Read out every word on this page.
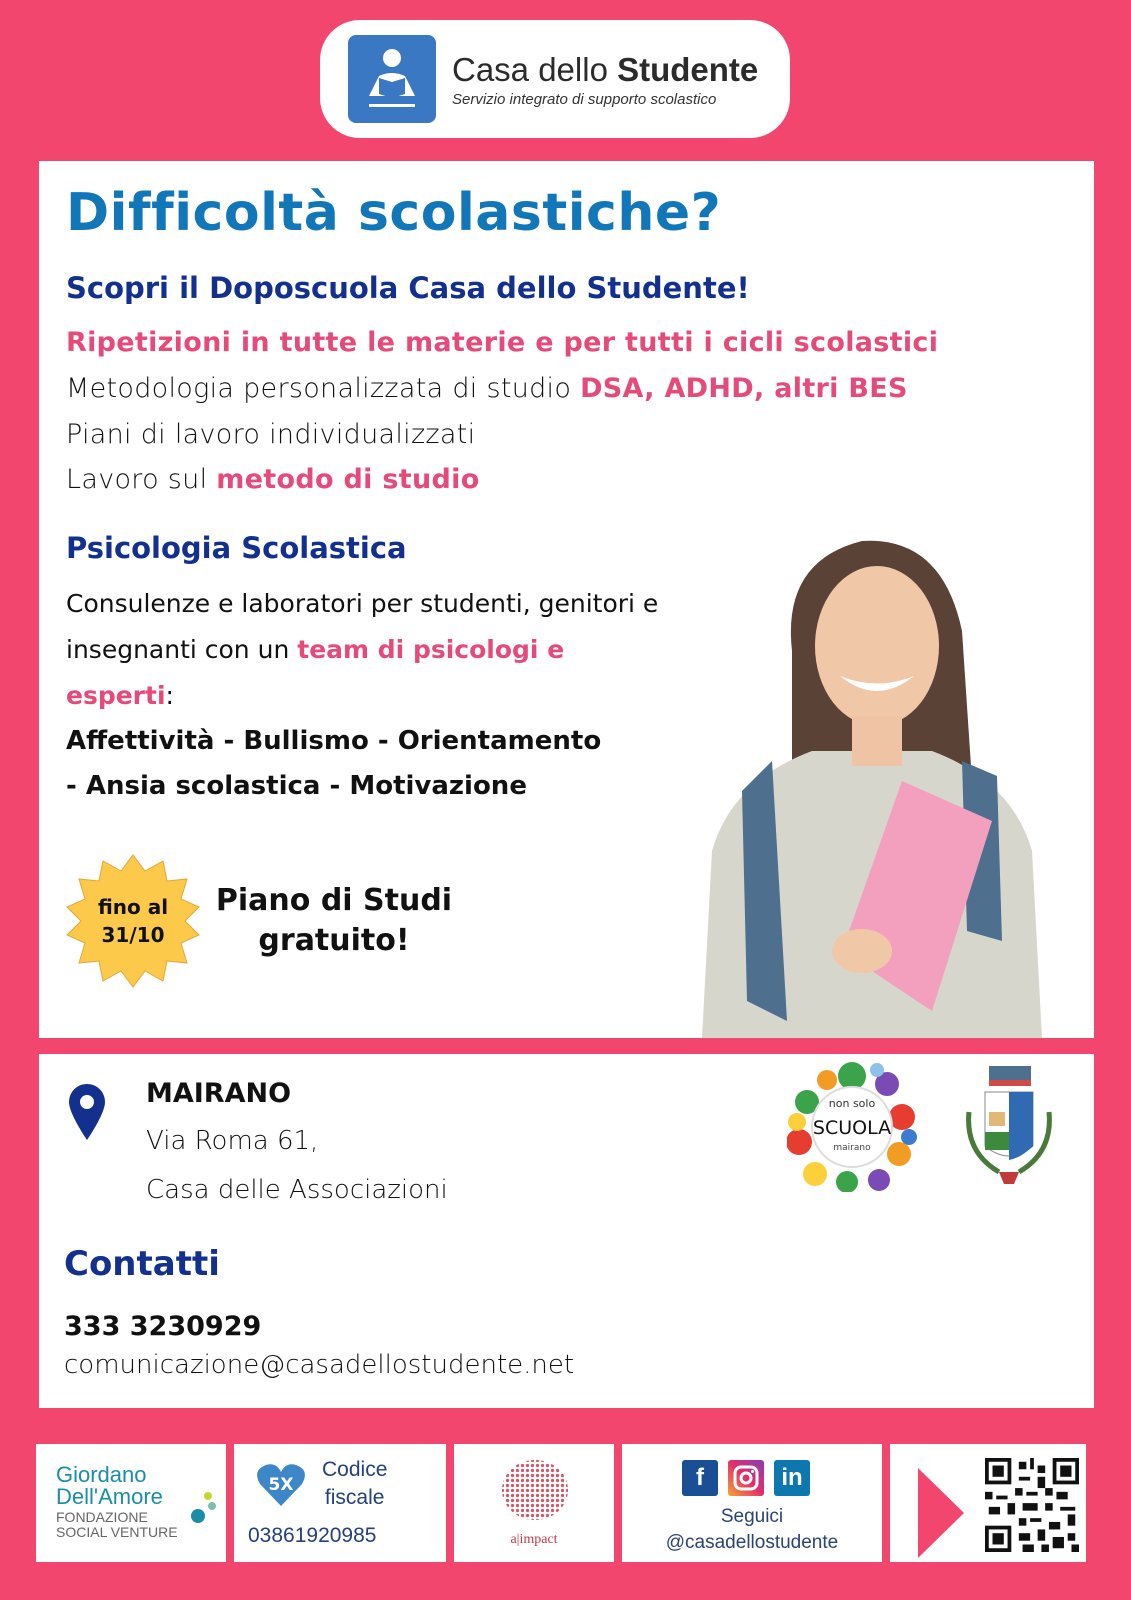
Casa dello Studente
Servizio integrato di supporto scolastico
Difficoltà scolastiche?
Scopri il Doposcuola Casa dello Studente!
Ripetizioni in tutte le materie e per tutti i cicli scolastici
Metodologia personalizzata di studio DSA, ADHD, altri BES
Piani di lavoro individualizzati
Lavoro sul metodo di studio
Psicologia Scolastica
Consulenze e laboratori per studenti, genitori e insegnanti con un team di psicologi e esperti:
Affettività - Bullismo - Orientamento
- Ansia scolastica - Motivazione
fino al
31/10
Piano di Studi
gratuito!
MAIRANO
Via Roma 61,
Casa delle Associazioni
non solo
SCUOLA
mairano
Contatti
333 3230929
comunicazione@casadellostudente.net
Giordano
Dell'Amore
FONDAZIONE
SOCIAL VENTURE
5X
Codice
fiscale
03861920985	a|impact
f	in
Seguici
@casadellostudente
